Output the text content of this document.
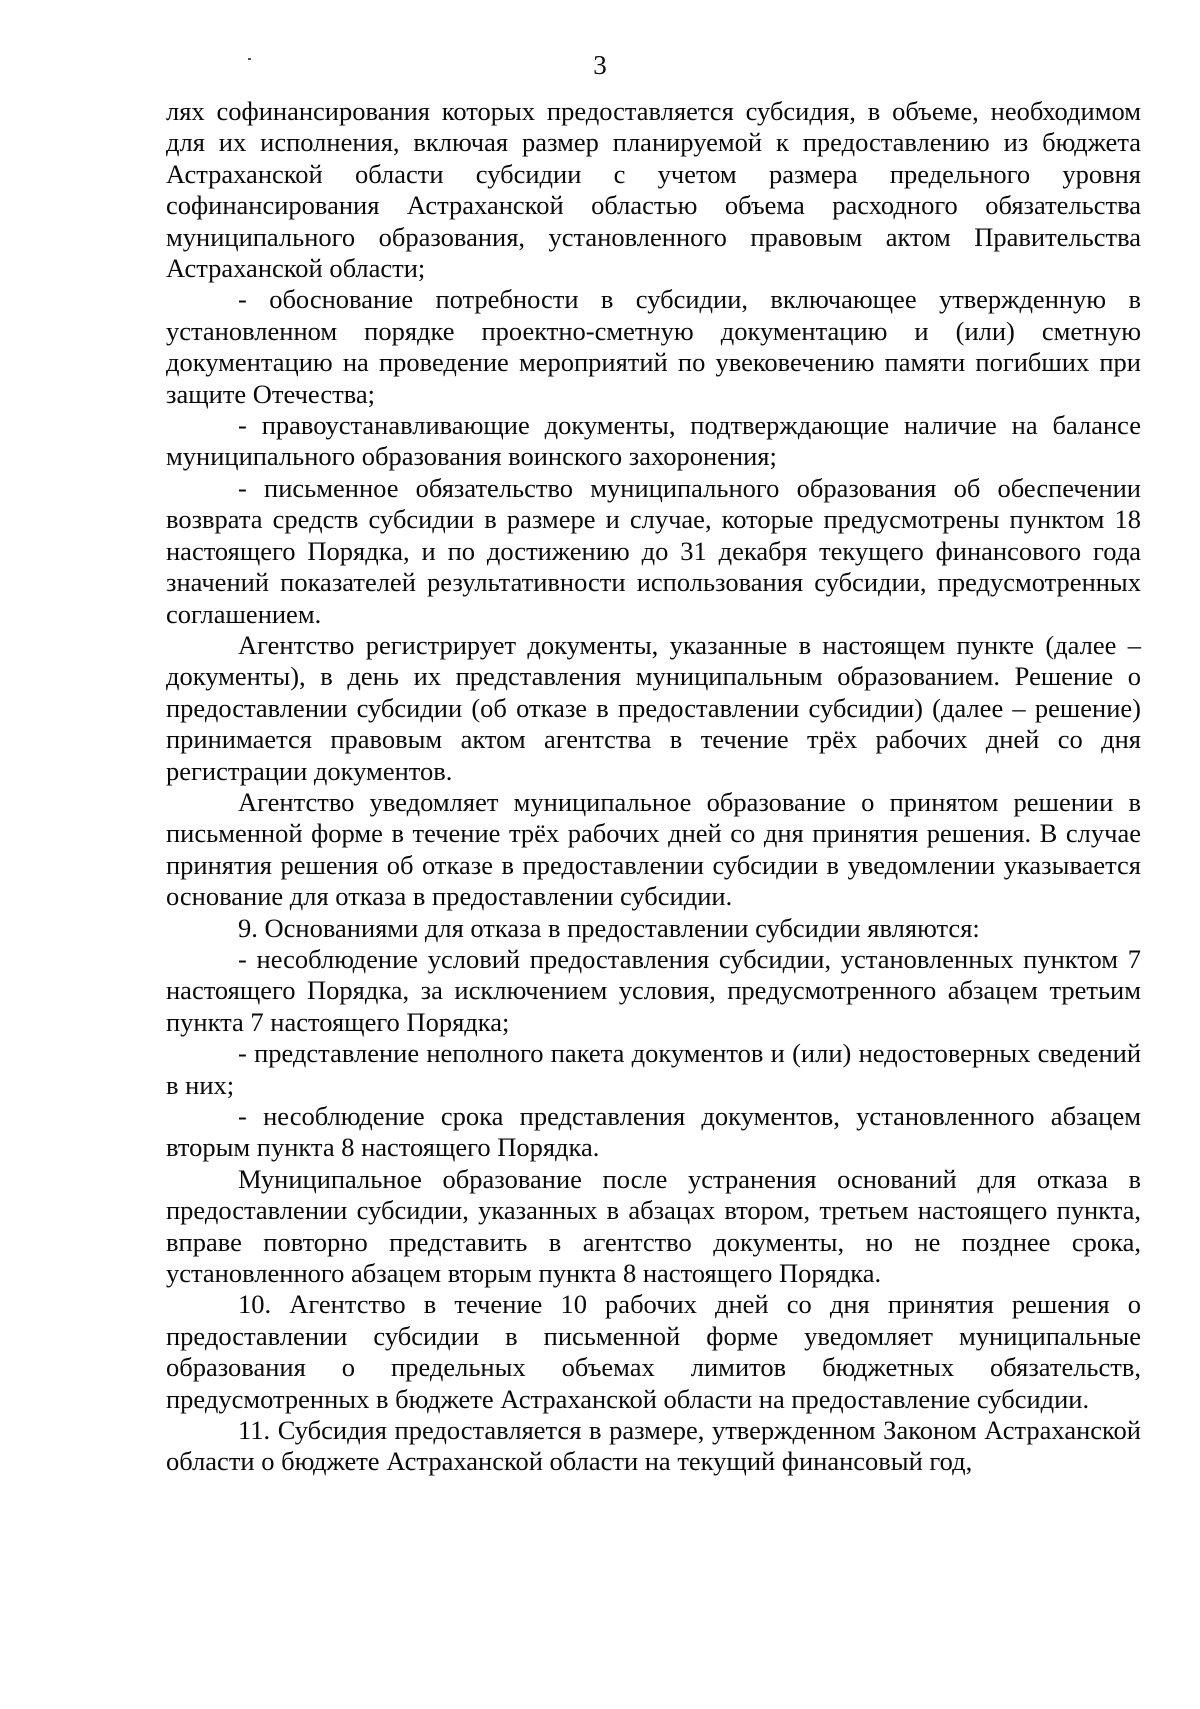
3

лях софинансирования которых предоставляется субсидия, в объеме, необходимом для их исполнения, включая размер планируемой к предоставлению из бюджета Астраханской области субсидии с учетом размера предельного уровня софинансирования Астраханской областью объема расходного обязательства муниципального образования, установленного правовым актом Правительства Астраханской области;

- обоснование потребности в субсидии, включающее утвержденную в установленном порядке проектно-сметную документацию и (или) сметную документацию на проведение мероприятий по увековечению памяти погибших при защите Отечества;

- правоустанавливающие документы, подтверждающие наличие на балансе муниципального образования воинского захоронения;

- письменное обязательство муниципального образования об обеспечении возврата средств субсидии в размере и случае, которые предусмотрены пунктом 18 настоящего Порядка, и по достижению до 31 декабря текущего финансового года значений показателей результативности использования субсидии, предусмотренных соглашением.

Агентство регистрирует документы, указанные в настоящем пункте (далее – документы), в день их представления муниципальным образованием. Решение о предоставлении субсидии (об отказе в предоставлении субсидии) (далее – решение) принимается правовым актом агентства в течение трёх рабочих дней со дня регистрации документов.

Агентство уведомляет муниципальное образование о принятом решении в письменной форме в течение трёх рабочих дней со дня принятия решения. В случае принятия решения об отказе в предоставлении субсидии в уведомлении указывается основание для отказа в предоставлении субсидии.

9. Основаниями для отказа в предоставлении субсидии являются:

- несоблюдение условий предоставления субсидии, установленных пунктом 7 настоящего Порядка, за исключением условия, предусмотренного абзацем третьим пункта 7 настоящего Порядка;

- представление неполного пакета документов и (или) недостоверных сведений в них;

- несоблюдение срока представления документов, установленного абзацем вторым пункта 8 настоящего Порядка.

Муниципальное образование после устранения оснований для отказа в предоставлении субсидии, указанных в абзацах втором, третьем настоящего пункта, вправе повторно представить в агентство документы, но не позднее срока, установленного абзацем вторым пункта 8 настоящего Порядка.

10. Агентство в течение 10 рабочих дней со дня принятия решения о предоставлении субсидии в письменной форме уведомляет муниципальные образования о предельных объемах лимитов бюджетных обязательств, предусмотренных в бюджете Астраханской области на предоставление субсидии.

11. Субсидия предоставляется в размере, утвержденном Законом Астраханской области о бюджете Астраханской области на текущий финансовый год,
